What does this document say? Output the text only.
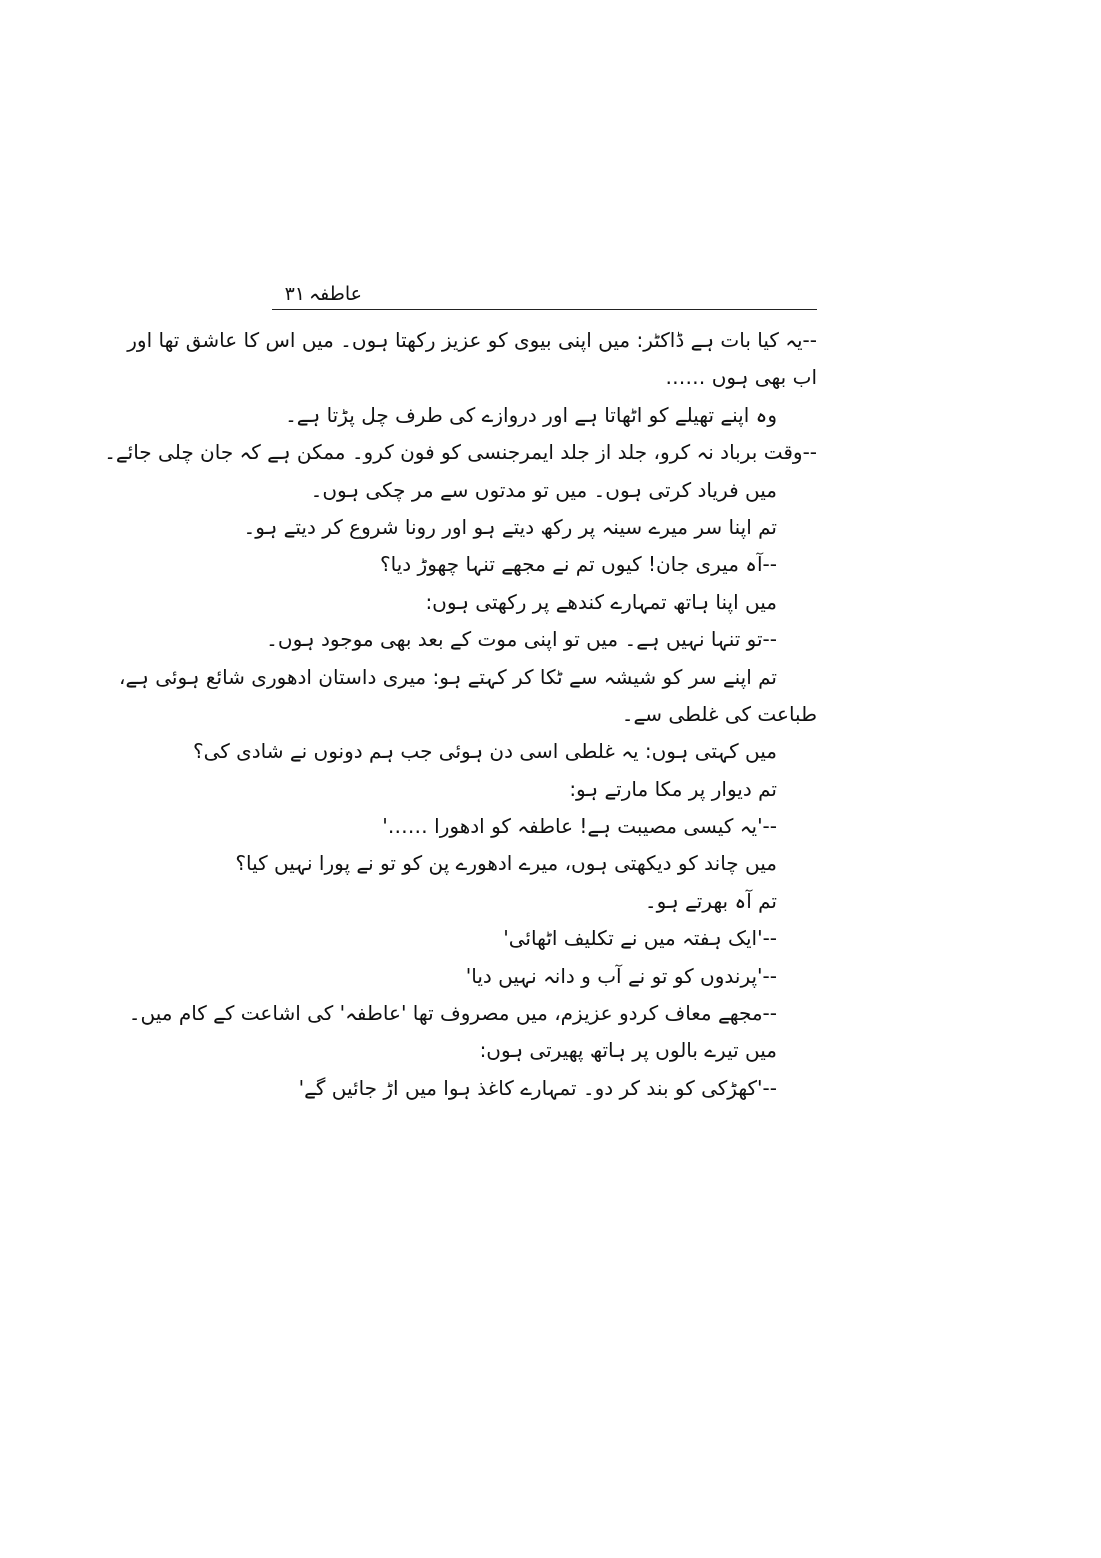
عاطفہ
۳۱
--یہ کیا بات ہے ڈاکٹر: میں اپنی بیوی کو عزیز رکھتا ہوں۔ میں اس کا عاشق تھا اور
اب بھی ہوں ……
وہ اپنے تھیلے کو اٹھاتا ہے اور دروازے کی طرف چل پڑتا ہے۔
--وقت برباد نہ کرو، جلد از جلد ایمرجنسی کو فون کرو۔ ممکن ہے کہ جان چلی جائے۔
میں فریاد کرتی ہوں۔ میں تو مدتوں سے مر چکی ہوں۔
تم اپنا سر میرے سینہ پر رکھ دیتے ہو اور رونا شروع کر دیتے ہو۔
--آہ میری جان! کیوں تم نے مجھے تنہا چھوڑ دیا؟
میں اپنا ہاتھ تمہارے کندھے پر رکھتی ہوں:
--تو تنہا نہیں ہے۔ میں تو اپنی موت کے بعد بھی موجود ہوں۔
تم اپنے سر کو شیشہ سے ٹکا کر کہتے ہو: میری داستان ادھوری شائع ہوئی ہے،
طباعت کی غلطی سے۔
میں کہتی ہوں: یہ غلطی اسی دن ہوئی جب ہم دونوں نے شادی کی؟
تم دیوار پر مکا مارتے ہو:
--'یہ کیسی مصیبت ہے! عاطفہ کو ادھورا ……'
میں چاند کو دیکھتی ہوں، میرے ادھورے پن کو تو نے پورا نہیں کیا؟
تم آہ بھرتے ہو۔
--'ایک ہفتہ میں نے تکلیف اٹھائی'
--'پرندوں کو تو نے آب و دانہ نہیں دیا'
--مجھے معاف کردو عزیزم، میں مصروف تھا 'عاطفہ' کی اشاعت کے کام میں۔
میں تیرے بالوں پر ہاتھ پھیرتی ہوں:
--'کھڑکی کو بند کر دو۔ تمہارے کاغذ ہوا میں اڑ جائیں گے'
